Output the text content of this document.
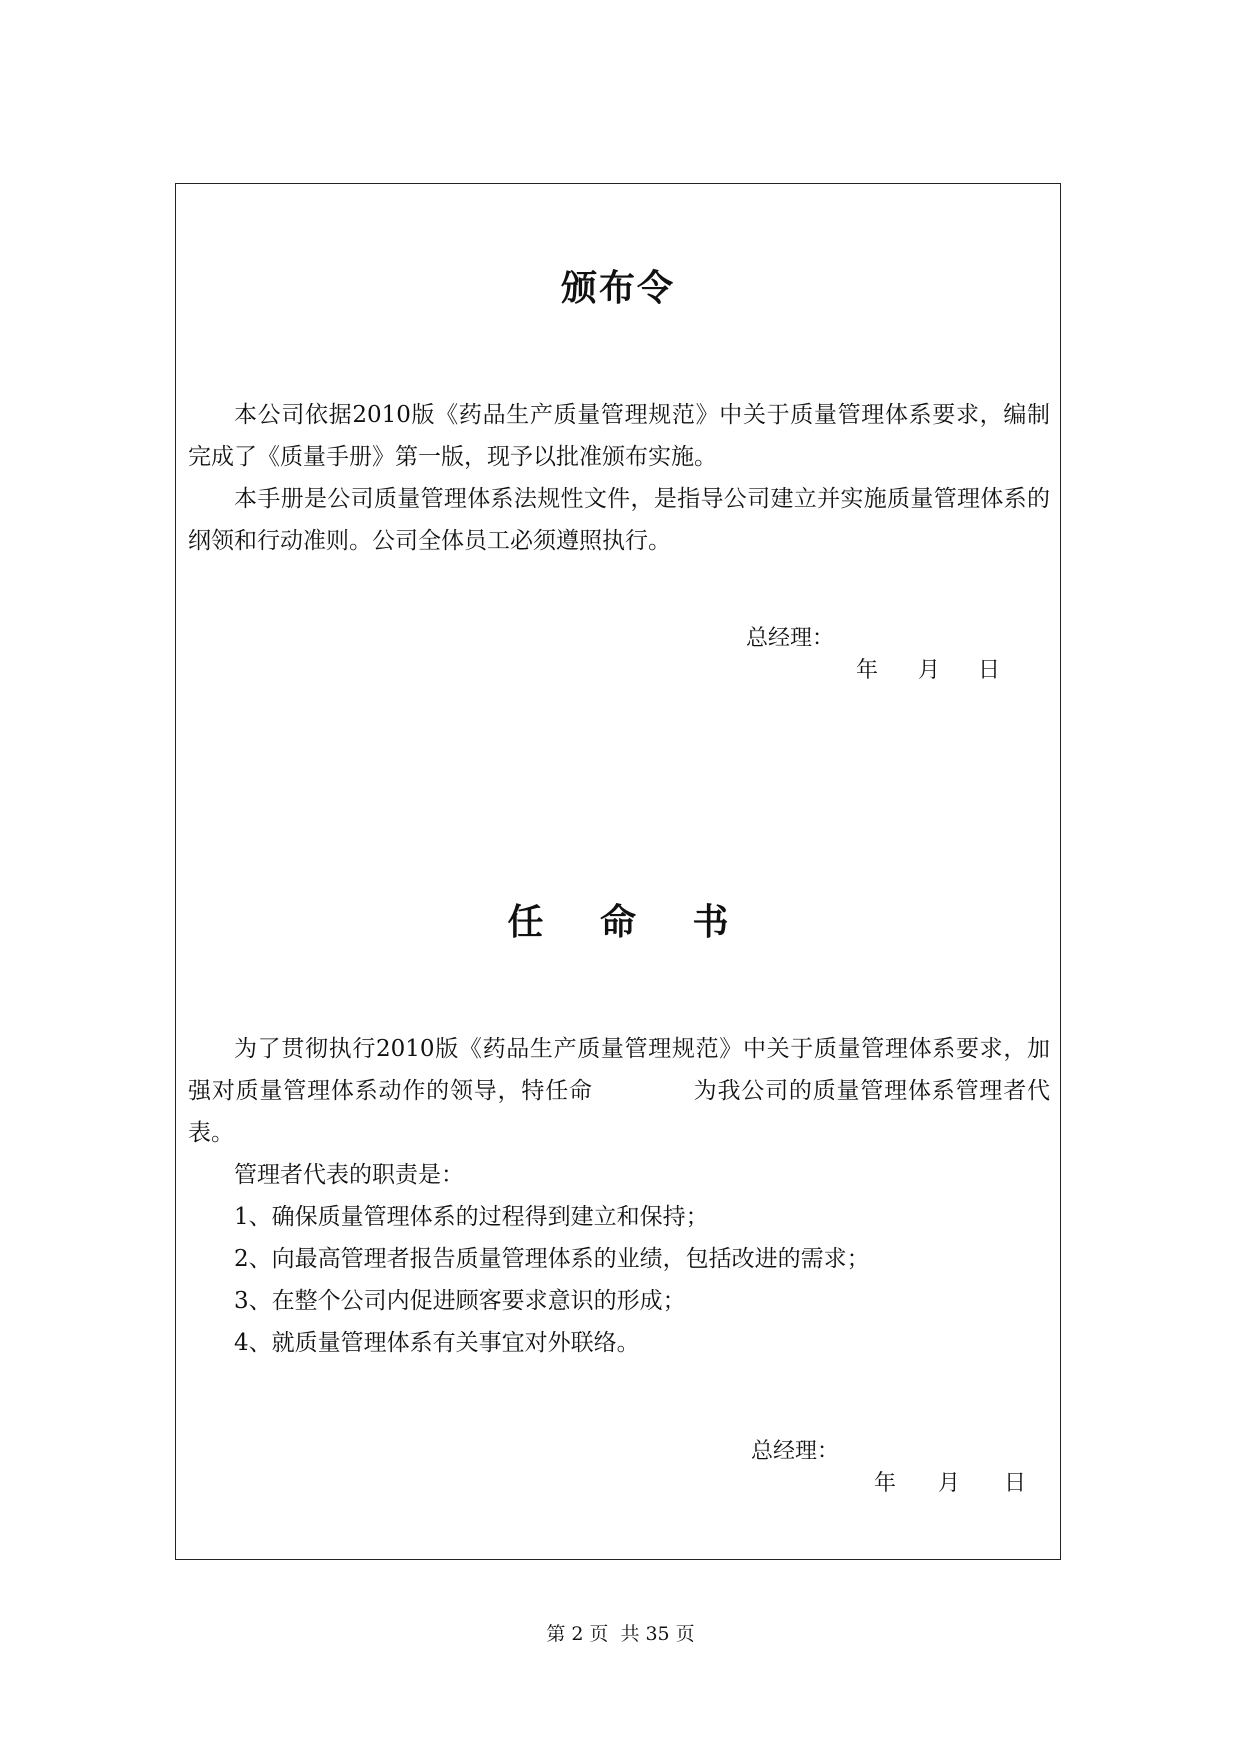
颁布令

本公司依据2010版《药品生产质量管理规范》中关于质量管理体系要求，编制完成了《质量手册》第一版，现予以批准颁布实施。

本手册是公司质量管理体系法规性文件，是指导公司建立并实施质量管理体系的纲领和行动准则。公司全体员工必须遵照执行。

总经理：
年 月 日
任 命 书

为了贯彻执行2010版《药品生产质量管理规范》中关于质量管理体系要求，加强对质量管理体系动作的领导，特任命	为我公司的质量管理体系管理者代表。

管理者代表的职责是：

1、确保质量管理体系的过程得到建立和保持；

2、向最高管理者报告质量管理体系的业绩，包括改进的需求；

3、在整个公司内促进顾客要求意识的形成；

4、就质量管理体系有关事宜对外联络。

总经理：
年 月 日
第 2 页 共 35 页
